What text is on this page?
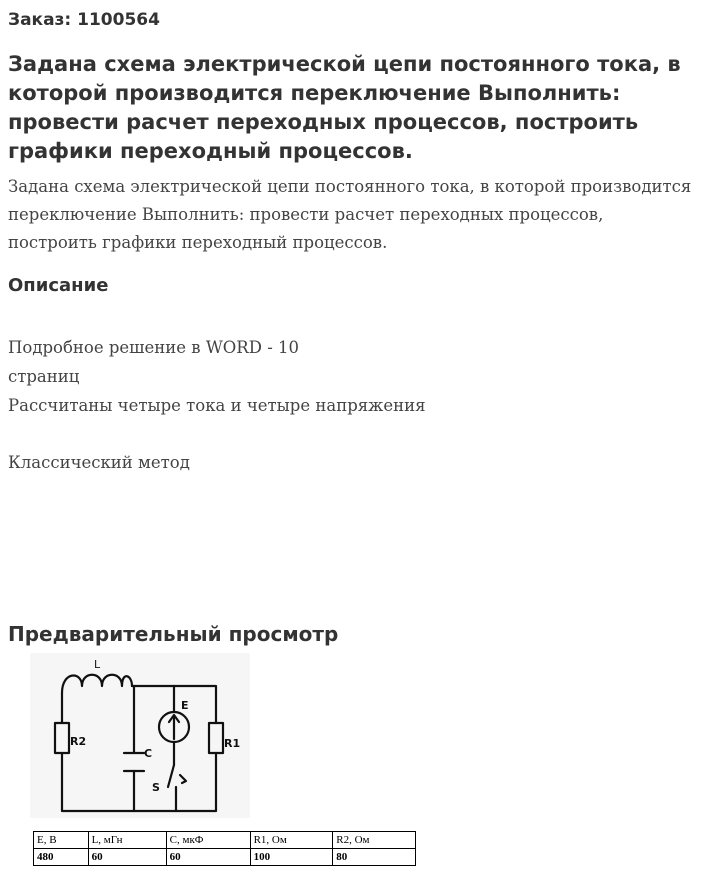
Заказ: 1100564
Задана схема электрической цепи постоянного тока, в которой производится переключение Выполнить: провести расчет переходных процессов, построить графики переходный процессов.

Задана схема электрической цепи постоянного тока, в которой производится переключение Выполнить: провести расчет переходных процессов, построить графики переходный процессов.

Описание
Подробное решение в WORD - 10
страниц
Рассчитаны четыре тока и четыре напряжения
Классический метод
Предварительный просмотр
L
R2
C
E
R1
S
E, В	L, мГн	С, мкФ	R1, Ом	R2, Ом
480	60	60	100	80
